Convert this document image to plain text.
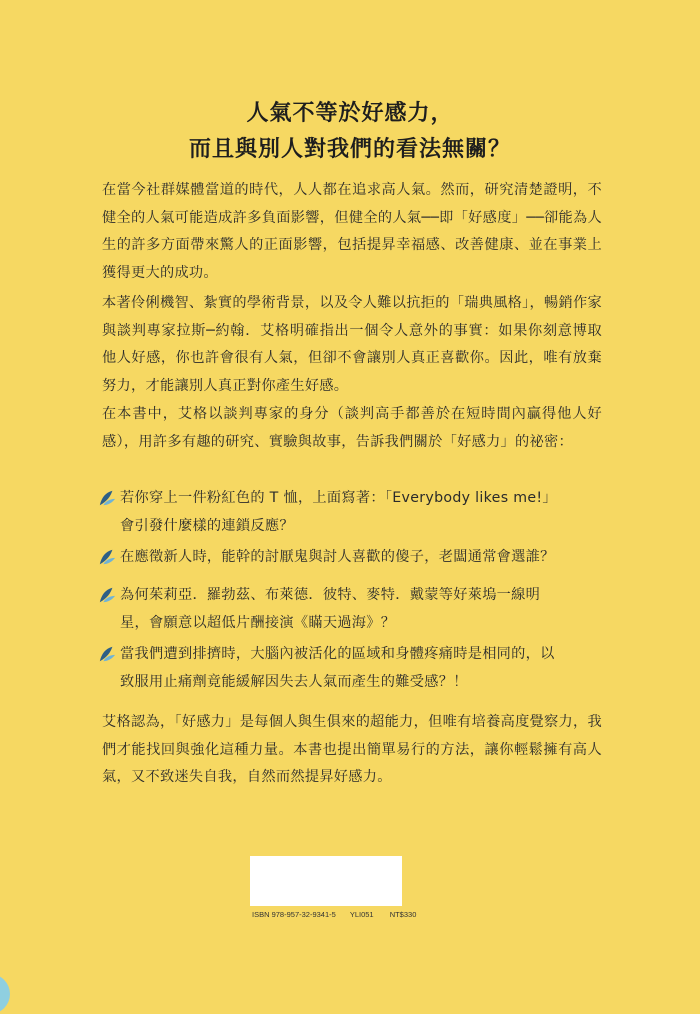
人氣不等於好感力，
而且與別人對我們的看法無關？
在當今社群媒體當道的時代，人人都在追求高人氣。然而，研究清楚證明，不健全的人氣可能造成許多負面影響，但健全的人氣──即「好感度」──卻能為人生的許多方面帶來驚人的正面影響，包括提昇幸福感、改善健康、並在事業上獲得更大的成功。
本著伶俐機智、紮實的學術背景，以及令人難以抗拒的「瑞典風格」，暢銷作家與談判專家拉斯─約翰．艾格明確指出一個令人意外的事實：如果你刻意博取他人好感，你也許會很有人氣，但卻不會讓別人真正喜歡你。因此，唯有放棄努力，才能讓別人真正對你產生好感。
在本書中，艾格以談判專家的身分（談判高手都善於在短時間內贏得他人好感），用許多有趣的研究、實驗與故事，告訴我們關於「好感力」的祕密：
若你穿上一件粉紅色的 T 恤，上面寫著：「Everybody likes me!」會引發什麼樣的連鎖反應？
在應徵新人時，能幹的討厭鬼與討人喜歡的傻子，老闆通常會選誰？
為何茱莉亞．羅勃茲、布萊德．彼特、麥特．戴蒙等好萊塢一線明星，會願意以超低片酬接演《瞞天過海》？
當我們遭到排擠時，大腦內被活化的區域和身體疼痛時是相同的，以致服用止痛劑竟能緩解因失去人氣而產生的難受感？！
艾格認為，「好感力」是每個人與生俱來的超能力，但唯有培養高度覺察力，我們才能找回與強化這種力量。本書也提出簡單易行的方法，讓你輕鬆擁有高人氣，又不致迷失自我，自然而然提昇好感力。
ISBN 978-957-32-9341-5 YLI051 NT$330
